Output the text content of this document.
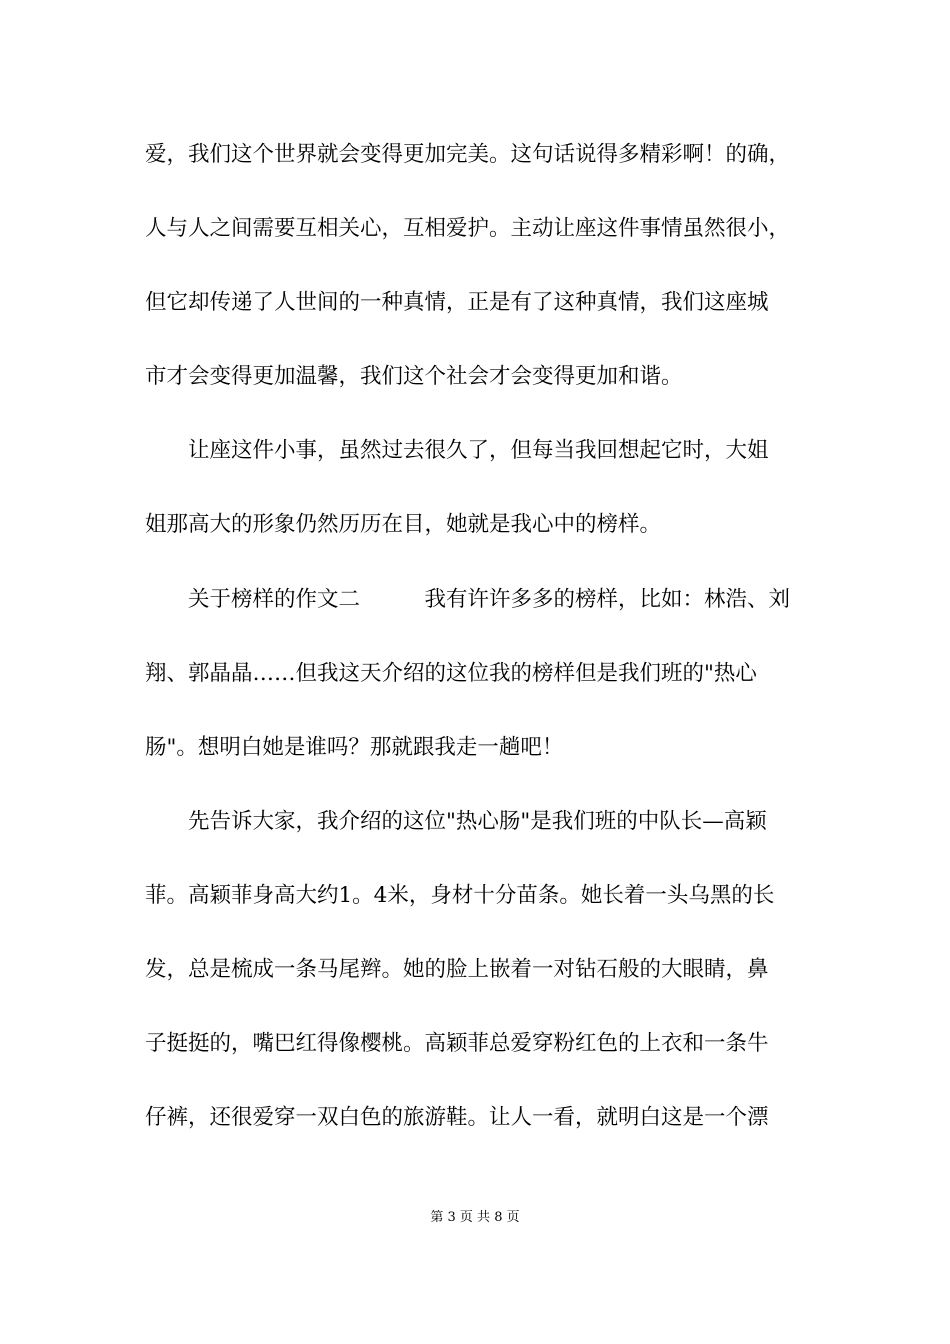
爱，我们这个世界就会变得更加完美。这句话说得多精彩啊！的确，
人与人之间需要互相关心，互相爱护。主动让座这件事情虽然很小，
但它却传递了人世间的一种真情，正是有了这种真情，我们这座城
市才会变得更加温馨，我们这个社会才会变得更加和谐。
　　让座这件小事，虽然过去很久了，但每当我回想起它时，大姐
姐那高大的形象仍然历历在目，她就是我心中的榜样。
　　关于榜样的作文二　　　我有许许多多的榜样，比如：林浩、刘
翔、郭晶晶……但我这天介绍的这位我的榜样但是我们班的"热心
肠"。想明白她是谁吗？那就跟我走一趟吧！
　　先告诉大家，我介绍的这位"热心肠"是我们班的中队长—高颖
菲。高颖菲身高大约1。4米，身材十分苗条。她长着一头乌黑的长
发，总是梳成一条马尾辫。她的脸上嵌着一对钻石般的大眼睛，鼻
子挺挺的，嘴巴红得像樱桃。高颖菲总爱穿粉红色的上衣和一条牛
仔裤，还很爱穿一双白色的旅游鞋。让人一看，就明白这是一个漂
第 3 页 共 8 页
